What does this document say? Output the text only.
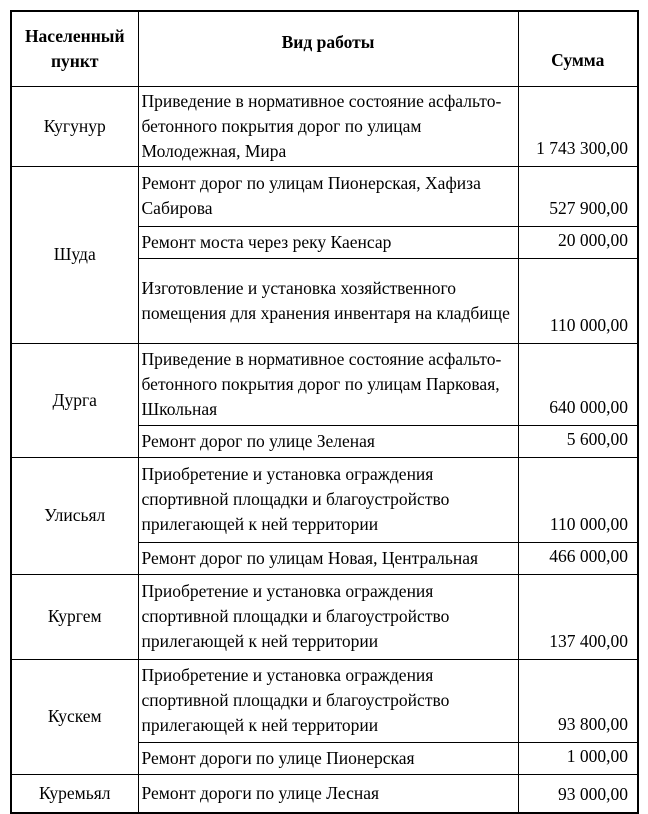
Населенный пункт	Вид работы	Сумма
Кугунур	Приведение в нормативное состояние асфальто-бетонного покрытия дорог по улицам Молодежная, Мира	1 743 300,00
Шуда	Ремонт дорог по улицам Пионерская, Хафиза Сабирова	527 900,00
	Ремонт моста через реку Каенсар	20 000,00
	Изготовление и установка хозяйственного помещения для хранения инвентаря на кладбище	110 000,00
Дурга	Приведение в нормативное состояние асфальто-бетонного покрытия дорог по улицам Парковая, Школьная	640 000,00
	Ремонт дорог по улице Зеленая	5 600,00
Улисьял	Приобретение и установка ограждения спортивной площадки и благоустройство прилегающей к ней территории	110 000,00
	Ремонт дорог по улицам Новая, Центральная	466 000,00
Кургем	Приобретение и установка ограждения спортивной площадки и благоустройство прилегающей к ней территории	137 400,00
Кускем	Приобретение и установка ограждения спортивной площадки и благоустройство прилегающей к ней территории	93 800,00
	Ремонт дороги по улице Пионерская	1 000,00
Куремьял	Ремонт дороги по улице Лесная	93 000,00
